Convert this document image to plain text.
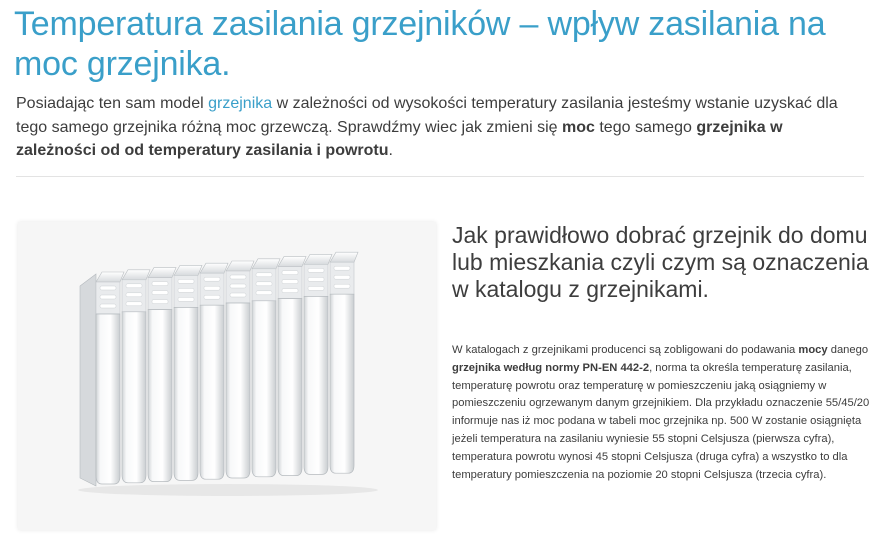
Temperatura zasilania grzejników – wpływ zasilania na moc grzejnika.

Posiadając ten sam model grzejnika w zależności od wysokości temperatury zasilania jesteśmy wstanie uzyskać dla tego samego grzejnika różną moc grzewczą. Sprawdźmy wiec jak zmieni się moc tego samego grzejnika w zależności od od temperatury zasilania i powrotu.

Jak prawidłowo dobrać grzejnik do domu lub mieszkania czyli czym są oznaczenia w katalogu z grzejnikami.

W katalogach z grzejnikami producenci są zobligowani do podawania mocy danego grzejnika według normy PN-EN 442-2, norma ta określa temperaturę zasilania, temperaturę powrotu oraz temperaturę w pomieszczeniu jaką osiągniemy w pomieszczeniu ogrzewanym danym grzejnikiem. Dla przykładu oznaczenie 55/45/20 informuje nas iż moc podana w tabeli moc grzejnika np. 500 W zostanie osiągnięta jeżeli temperatura na zasilaniu wyniesie 55 stopni Celsjusza (pierwsza cyfra), temperatura powrotu wynosi 45 stopni Celsjusza (druga cyfra) a wszystko to dla temperatury pomieszczenia na poziomie 20 stopni Celsjusza (trzecia cyfra).
